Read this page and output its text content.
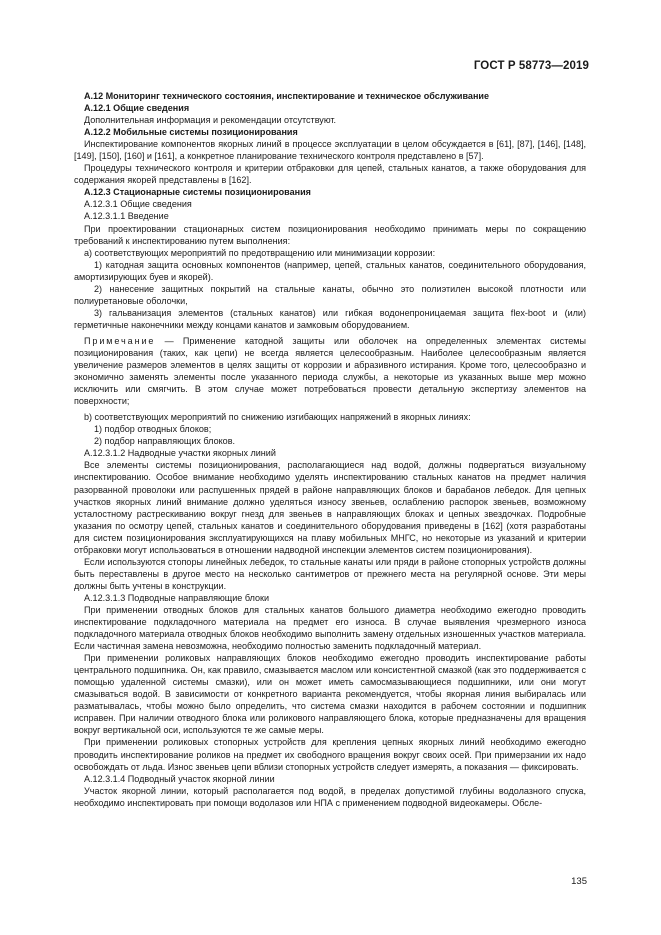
ГОСТ Р 58773—2019

А.12 Мониторинг технического состояния, инспектирование и техническое обслуживание

А.12.1 Общие сведения

Дополнительная информация и рекомендации отсутствуют.

А.12.2 Мобильные системы позиционирования

Инспектирование компонентов якорных линий в процессе эксплуатации в целом обсуждается в [61], [87], [146], [148], [149], [150], [160] и [161], а конкретное планирование технического контроля представлено в [57].

Процедуры технического контроля и критерии отбраковки для цепей, стальных канатов, а также оборудования для содержания якорей представлены в [162].

А.12.3 Стационарные системы позиционирования

А.12.3.1 Общие сведения

А.12.3.1.1 Введение

При проектировании стационарных систем позиционирования необходимо принимать меры по сокращению требований к инспектированию путем выполнения:

а) соответствующих мероприятий по предотвращению или минимизации коррозии:

1) катодная защита основных компонентов (например, цепей, стальных канатов, соединительного оборудования, амортизирующих буев и якорей).

2) нанесение защитных покрытий на стальные канаты, обычно это полиэтилен высокой плотности или полиуретановые оболочки,

3) гальванизация элементов (стальных канатов) или гибкая водонепроницаемая защита flex-boot и (или) герметичные наконечники между концами канатов и замковым оборудованием.

Примечание — Применение катодной защиты или оболочек на определенных элементах системы позиционирования (таких, как цепи) не всегда является целесообразным. Наиболее целесообразным является увеличение размеров элементов в целях защиты от коррозии и абразивного истирания. Кроме того, целесообразно и экономично заменять элементы после указанного периода службы, а некоторые из указанных выше мер можно исключить или смягчить. В этом случае может потребоваться провести детальную экспертизу элементов на поверхности;

b) соответствующих мероприятий по снижению изгибающих напряжений в якорных линиях:

1) подбор отводных блоков;

2) подбор направляющих блоков.

А.12.3.1.2 Надводные участки якорных линий

Все элементы системы позиционирования, располагающиеся над водой, должны подвергаться визуальному инспектированию. Особое внимание необходимо уделять инспектированию стальных канатов на предмет наличия разорванной проволоки или распушенных прядей в районе направляющих блоков и барабанов лебедок. Для цепных участков якорных линий внимание должно уделяться износу звеньев, ослаблению распорок звеньев, возможному усталостному растрескиванию вокруг гнезд для звеньев в направляющих блоках и цепных звездочках. Подробные указания по осмотру цепей, стальных канатов и соединительного оборудования приведены в [162] (хотя разработаны для систем позиционирования эксплуатирующихся на плаву мобильных МНГС, но некоторые из указаний и критерии отбраковки могут использоваться в отношении надводной инспекции элементов систем позиционирования).

Если используются стопоры линейных лебедок, то стальные канаты или пряди в районе стопорных устройств должны быть переставлены в другое место на несколько сантиметров от прежнего места на регулярной основе. Эти меры должны быть учтены в конструкции.

А.12.3.1.3 Подводные направляющие блоки

При применении отводных блоков для стальных канатов большого диаметра необходимо ежегодно проводить инспектирование подкладочного материала на предмет его износа. В случае выявления чрезмерного износа подкладочного материала отводных блоков необходимо выполнить замену отдельных изношенных участков материала. Если частичная замена невозможна, необходимо полностью заменить подкладочный материал.

При применении роликовых направляющих блоков необходимо ежегодно проводить инспектирование работы центрального подшипника. Он, как правило, смазывается маслом или консистентной смазкой (как это поддерживается с помощью удаленной системы смазки), или он может иметь самосмазывающиеся подшипники, или они могут смазываться водой. В зависимости от конкретного варианта рекомендуется, чтобы якорная линия выбиралась или разматывалась, чтобы можно было определить, что система смазки находится в рабочем состоянии и подшипник исправен. При наличии отводного блока или роликового направляющего блока, которые предназначены для вращения вокруг вертикальной оси, используются те же самые меры.

При применении роликовых стопорных устройств для крепления цепных якорных линий необходимо ежегодно проводить инспектирование роликов на предмет их свободного вращения вокруг своих осей. При примерзании их надо освобождать от льда. Износ звеньев цепи вблизи стопорных устройств следует измерять, а показания — фиксировать.

А.12.3.1.4 Подводный участок якорной линии

Участок якорной линии, который располагается под водой, в пределах допустимой глубины водолазного спуска, необходимо инспектировать при помощи водолазов или НПА с применением подводной видеокамеры. Обсле-

135
